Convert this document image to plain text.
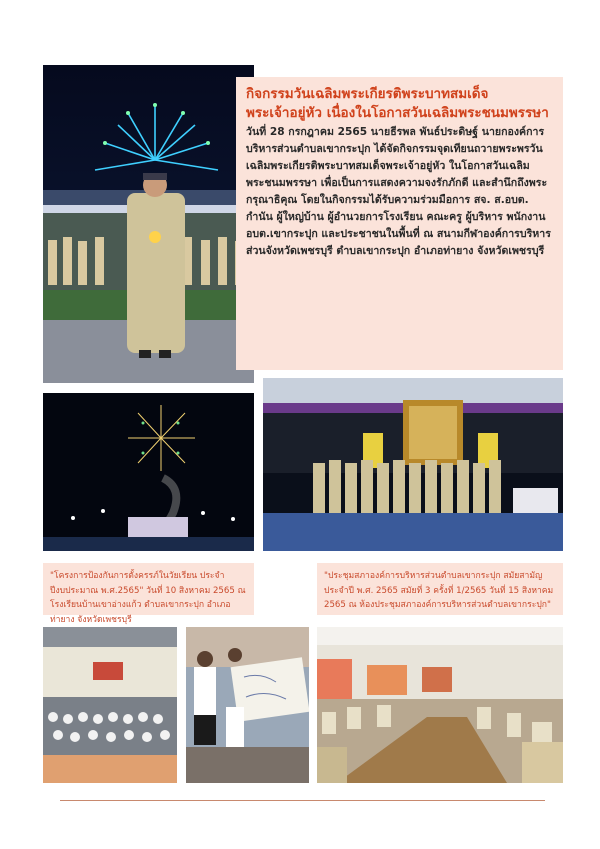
กิจกรรมวันเฉลิมพระเกียรติพระบาทสมเด็จพระเจ้าอยู่หัว เนื่องในโอกาสวันเฉลิมพระชนมพรรษา
วันที่ 28 กรกฎาคม 2565 นายธีรพล พันธ์ประดิษฐ์ นายกองค์การบริหารส่วนตำบลเขากระปุก ได้จัดกิจกรรมจุดเทียนถวายพระพรวันเฉลิมพระเกียรติพระบาทสมเด็จพระเจ้าอยู่หัว ในโอกาสวันเฉลิมพระชนมพรรษา เพื่อเป็นการแสดงความจงรักภักดี และสำนึกถึงพระกรุณาธิคุณ โดยในกิจกรรมได้รับความร่วมมือการ สจ. ส.อบต. กำนัน ผู้ใหญ่บ้าน ผู้อำนวยการโรงเรียน คณะครู ผู้บริหาร พนักงาน อบต.เขากระปุก และประชาชนในพื้นที่ ณ สนามกีฬาองค์การบริหารส่วนจังหวัดเพชรบุรี ตำบลเขากระปุก อำเภอท่ายาง จังหวัดเพชรบุรี
"โครงการป้องกันการตั้งครรภ์ในวัยเรียน ประจำปีงบประมาณ พ.ศ.2565" วันที่ 10 สิงหาคม 2565 ณ โรงเรียนบ้านเขาอ่างแก้ว ตำบลเขากระปุก อำเภอท่ายาง จังหวัดเพชรบุรี
"ประชุมสภาองค์การบริหารส่วนตำบลเขากระปุก สมัยสามัญประจำปี พ.ศ. 2565 สมัยที่ 3 ครั้งที่ 1/2565 วันที่ 15 สิงหาคม 2565 ณ ห้องประชุมสภาองค์การบริหารส่วนตำบลเขากระปุก"
